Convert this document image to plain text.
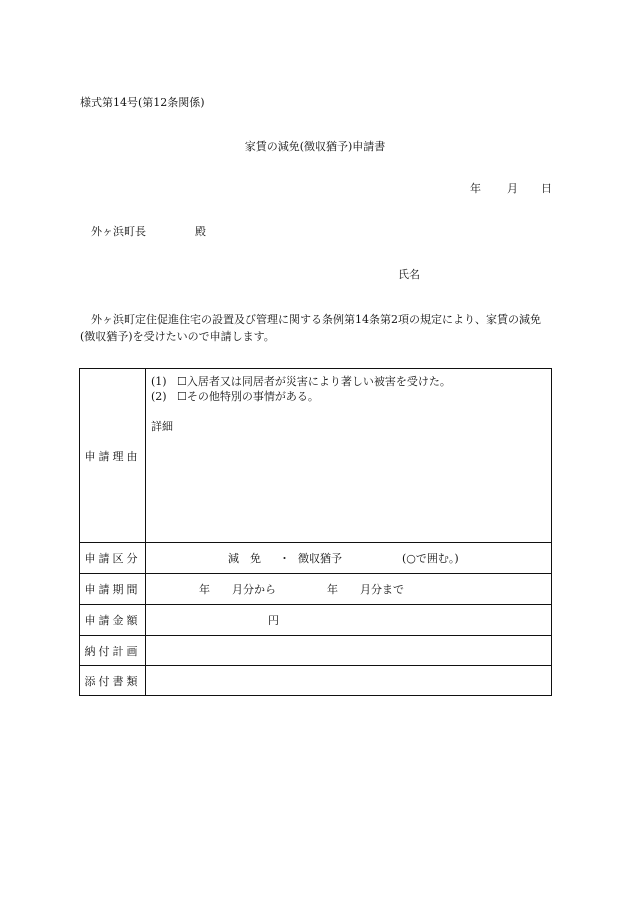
様式第14号(第12条関係)
家賃の減免(徴収猶予)申請書
年 月 日
外ヶ浜町長	殿
氏名
外ヶ浜町定住促進住宅の設置及び管理に関する条例第14条第2項の規定により、家賃の減免(徴収猶予)を受けたいので申請します。
申請理由	(1) ☐入居者又は同居者が災害により著しい被害を受けた。
(2) ☐その他特別の事情がある。
詳細

申請区分	減　免 ・ 徴収猶予 (○で囲む。)

申請期間	年 月分から 年 月分まで

申請金額	円

納付計画	
添付書類	
